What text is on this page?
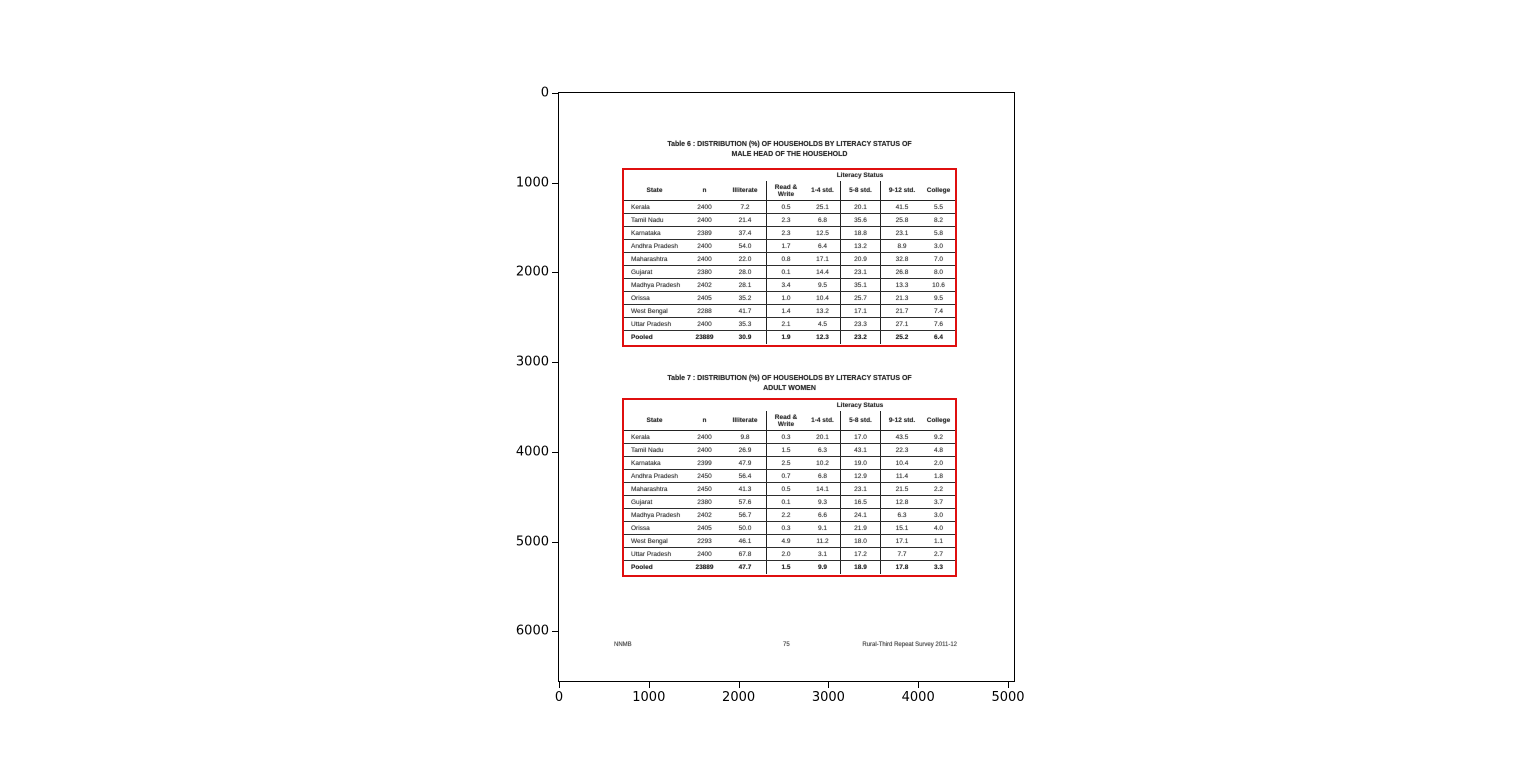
Table 6 : DISTRIBUTION (%) OF HOUSEHOLDS BY LITERACY STATUS OF
MALE HEAD OF THE HOUSEHOLD
Literacy Status
State	n	Illiterate	Read & Write	1-4 std.	5-8 std.	9-12 std.	College
Kerala	2400	7.2	0.5	25.1	20.1	41.5	5.5
Tamil Nadu	2400	21.4	2.3	6.8	35.6	25.8	8.2
Karnataka	2389	37.4	2.3	12.5	18.8	23.1	5.8
Andhra Pradesh	2400	54.0	1.7	6.4	13.2	8.9	3.0
Maharashtra	2400	22.0	0.8	17.1	20.9	32.8	7.0
Gujarat	2380	28.0	0.1	14.4	23.1	26.8	8.0
Madhya Pradesh	2402	28.1	3.4	9.5	35.1	13.3	10.6
Orissa	2405	35.2	1.0	10.4	25.7	21.3	9.5
West Bengal	2288	41.7	1.4	13.2	17.1	21.7	7.4
Uttar Pradesh	2400	35.3	2.1	4.5	23.3	27.1	7.6
Pooled	23889	30.9	1.9	12.3	23.2	25.2	6.4
Table 7 : DISTRIBUTION (%) OF HOUSEHOLDS BY LITERACY STATUS OF
ADULT WOMEN
Literacy Status
State	n	Illiterate	Read & Write	1-4 std.	5-8 std.	9-12 std.	College
Kerala	2400	9.8	0.3	20.1	17.0	43.5	9.2
Tamil Nadu	2400	26.9	1.5	6.3	43.1	22.3	4.8
Karnataka	2399	47.9	2.5	10.2	19.0	10.4	2.0
Andhra Pradesh	2450	56.4	0.7	6.8	12.9	11.4	1.8
Maharashtra	2450	41.3	0.5	14.1	23.1	21.5	2.2
Gujarat	2380	57.6	0.1	9.3	16.5	12.8	3.7
Madhya Pradesh	2402	56.7	2.2	6.6	24.1	6.3	3.0
Orissa	2405	50.0	0.3	9.1	21.9	15.1	4.0
West Bengal	2293	46.1	4.9	11.2	18.0	17.1	1.1
Uttar Pradesh	2400	67.8	2.0	3.1	17.2	7.7	2.7
Pooled	23889	47.7	1.5	9.9	18.9	17.8	3.3
NNMB	75	Rural-Third Repeat Survey 2011-12
0
1000
2000
3000
4000
5000
6000
0	1000	2000	3000	4000	5000
